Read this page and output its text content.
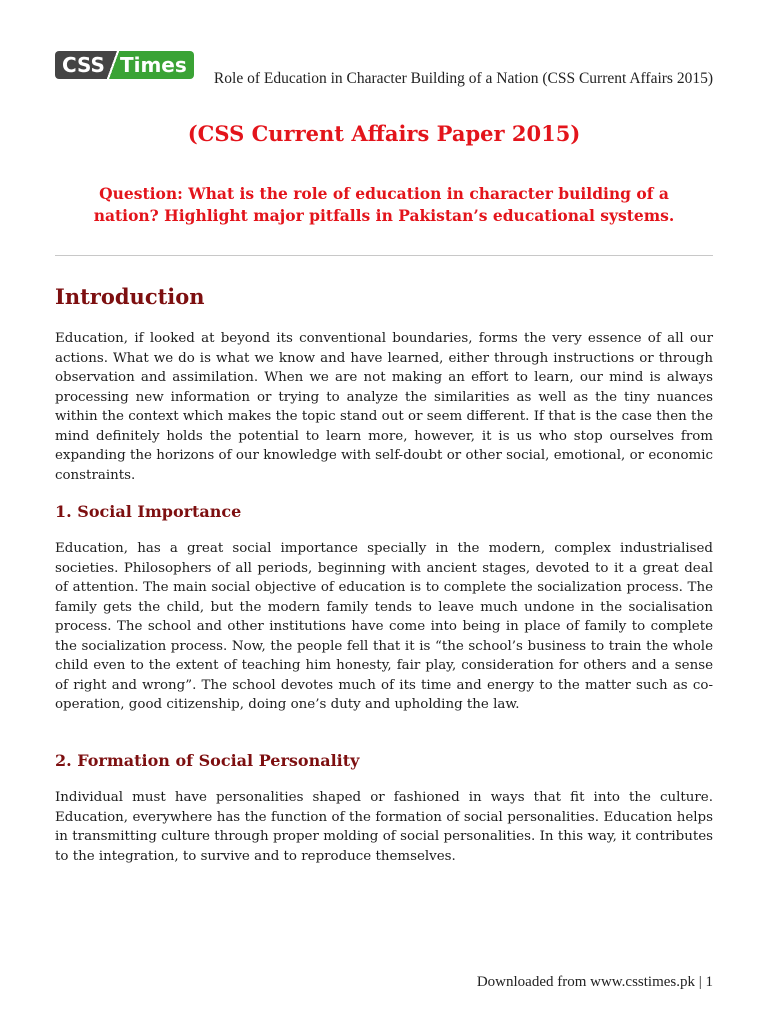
CSS Times
Role of Education in Character Building of a Nation (CSS Current Affairs 2015)
(CSS Current Affairs Paper 2015)
Question: What is the role of education in character building of a nation? Highlight major pitfalls in Pakistan’s educational systems.
Introduction

Education, if looked at beyond its conventional boundaries, forms the very essence of all our actions. What we do is what we know and have learned, either through instructions or through observation and assimilation. When we are not making an effort to learn, our mind is always processing new information or trying to analyze the similarities as well as the tiny nuances within the context which makes the topic stand out or seem different. If that is the case then the mind definitely holds the potential to learn more, however, it is us who stop ourselves from expanding the horizons of our knowledge with self-doubt or other social, emotional, or economic constraints.

1. Social Importance

Education, has a great social importance specially in the modern, complex industrialised societies. Philosophers of all periods, beginning with ancient stages, devoted to it a great deal of attention. The main social objective of education is to complete the socialization process. The family gets the child, but the modern family tends to leave much undone in the socialisation process. The school and other institutions have come into being in place of family to complete the socialization process. Now, the people fell that it is “the school’s business to train the whole child even to the extent of teaching him honesty, fair play, consideration for others and a sense of right and wrong”. The school devotes much of its time and energy to the matter such as co-operation, good citizenship, doing one’s duty and upholding the law.

2. Formation of Social Personality

Individual must have personalities shaped or fashioned in ways that fit into the culture. Education, everywhere has the function of the formation of social personalities. Education helps in transmitting culture through proper molding of social personalities. In this way, it contributes to the integration, to survive and to reproduce themselves.

Downloaded from www.csstimes.pk | 1
